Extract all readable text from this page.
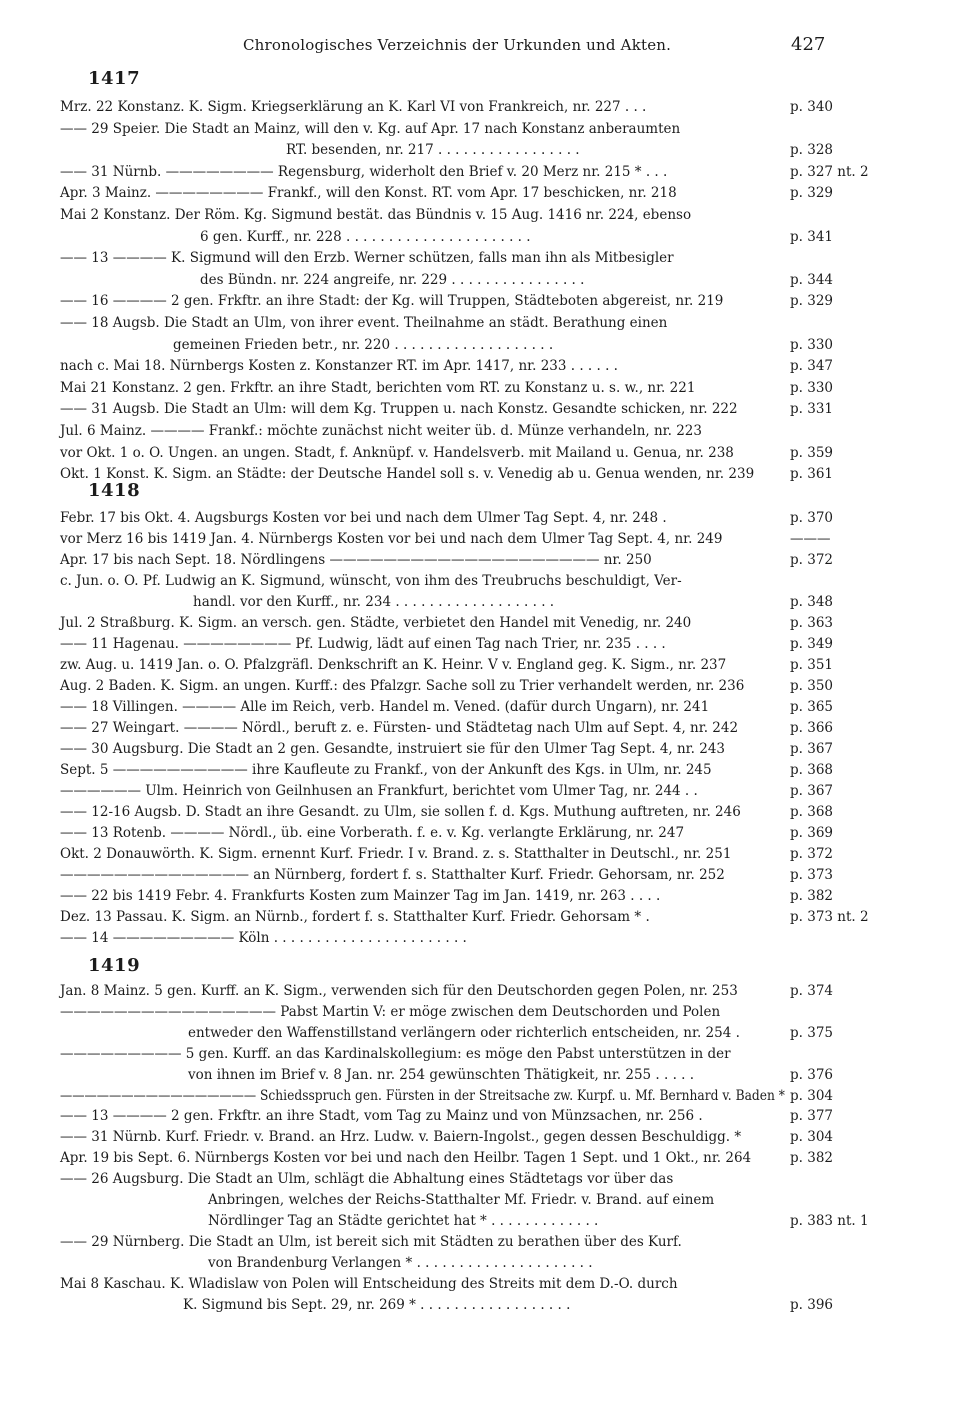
Chronologisches Verzeichnis der Urkunden und Akten.	427
1417
Mrz. 22 Konstanz. K. Sigm. Kriegserklärung an K. Karl VI von Frankreich, nr. 227 . . .	p. 340
—— 29 Speier. Die Stadt an Mainz, will den v. Kg. auf Apr. 17 nach Konstanz anberaumten
RT. besenden, nr. 217 . . . . . . . . . . . . . . . . .	p. 328
—— 31 Nürnb. ———————— Regensburg, widerholt den Brief v. 20 Merz nr. 215 * . . .	p. 327 nt. 2
Apr. 3 Mainz. ———————— Frankf., will den Konst. RT. vom Apr. 17 beschicken, nr. 218	p. 329
Mai 2 Konstanz. Der Röm. Kg. Sigmund bestät. das Bündnis v. 15 Aug. 1416 nr. 224, ebenso
6 gen. Kurff., nr. 228 . . . . . . . . . . . . . . . . . . . . . .	p. 341
—— 13 ———— K. Sigmund will den Erzb. Werner schützen, falls man ihn als Mitbesigler
des Bündn. nr. 224 angreife, nr. 229 . . . . . . . . . . . . . . . .	p. 344
—— 16 ———— 2 gen. Frkftr. an ihre Stadt: der Kg. will Truppen, Städteboten abgereist, nr. 219	p. 329
—— 18 Augsb. Die Stadt an Ulm, von ihrer event. Theilnahme an städt. Berathung einen
gemeinen Frieden betr., nr. 220 . . . . . . . . . . . . . . . . . . .	p. 330
nach c. Mai 18. Nürnbergs Kosten z. Konstanzer RT. im Apr. 1417, nr. 233 . . . . . .	p. 347
Mai 21 Konstanz. 2 gen. Frkftr. an ihre Stadt, berichten vom RT. zu Konstanz u. s. w., nr. 221	p. 330
—— 31 Augsb. Die Stadt an Ulm: will dem Kg. Truppen u. nach Konstz. Gesandte schicken, nr. 222	p. 331
Jul. 6 Mainz. ———— Frankf.: möchte zunächst nicht weiter üb. d. Münze verhandeln, nr. 223
vor Okt. 1 o. O. Ungen. an ungen. Stadt, f. Anknüpf. v. Handelsverb. mit Mailand u. Genua, nr. 238	p. 359
Okt. 1 Konst. K. Sigm. an Städte: der Deutsche Handel soll s. v. Venedig ab u. Genua wenden, nr. 239	p. 361
1418
Febr. 17 bis Okt. 4. Augsburgs Kosten vor bei und nach dem Ulmer Tag Sept. 4, nr. 248 .	p. 370
vor Merz 16 bis 1419 Jan. 4. Nürnbergs Kosten vor bei und nach dem Ulmer Tag Sept. 4, nr. 249	———
Apr. 17 bis nach Sept. 18. Nördlingens ———————————————————— nr. 250	p. 372
c. Jun. o. O. Pf. Ludwig an K. Sigmund, wünscht, von ihm des Treubruchs beschuldigt, Ver-
handl. vor den Kurff., nr. 234 . . . . . . . . . . . . . . . . . . .	p. 348
Jul. 2 Straßburg. K. Sigm. an versch. gen. Städte, verbietet den Handel mit Venedig, nr. 240	p. 363
—— 11 Hagenau. ———————— Pf. Ludwig, lädt auf einen Tag nach Trier, nr. 235 . . . .	p. 349
zw. Aug. u. 1419 Jan. o. O. Pfalzgräfl. Denkschrift an K. Heinr. V v. England geg. K. Sigm., nr. 237	p. 351
Aug. 2 Baden. K. Sigm. an ungen. Kurff.: des Pfalzgr. Sache soll zu Trier verhandelt werden, nr. 236	p. 350
—— 18 Villingen. ———— Alle im Reich, verb. Handel m. Vened. (dafür durch Ungarn), nr. 241	p. 365
—— 27 Weingart. ———— Nördl., beruft z. e. Fürsten- und Städtetag nach Ulm auf Sept. 4, nr. 242	p. 366
—— 30 Augsburg. Die Stadt an 2 gen. Gesandte, instruiert sie für den Ulmer Tag Sept. 4, nr. 243	p. 367
Sept. 5 —————————— ihre Kaufleute zu Frankf., von der Ankunft des Kgs. in Ulm, nr. 245	p. 368
—————— Ulm. Heinrich von Geilnhusen an Frankfurt, berichtet vom Ulmer Tag, nr. 244 . .	p. 367
—— 12-16 Augsb. D. Stadt an ihre Gesandt. zu Ulm, sie sollen f. d. Kgs. Muthung auftreten, nr. 246	p. 368
—— 13 Rotenb. ———— Nördl., üb. eine Vorberath. f. e. v. Kg. verlangte Erklärung, nr. 247	p. 369
Okt. 2 Donauwörth. K. Sigm. ernennt Kurf. Friedr. I v. Brand. z. s. Statthalter in Deutschl., nr. 251	p. 372
—————————————— an Nürnberg, fordert f. s. Statthalter Kurf. Friedr. Gehorsam, nr. 252	p. 373
—— 22 bis 1419 Febr. 4. Frankfurts Kosten zum Mainzer Tag im Jan. 1419, nr. 263 . . . .	p. 382
Dez. 13 Passau. K. Sigm. an Nürnb., fordert f. s. Statthalter Kurf. Friedr. Gehorsam * .	p. 373 nt. 2
—— 14 ————————— Köln . . . . . . . . . . . . . . . . . . . . . . .
1419
Jan. 8 Mainz. 5 gen. Kurff. an K. Sigm., verwenden sich für den Deutschorden gegen Polen, nr. 253	p. 374
———————————————— Pabst Martin V: er möge zwischen dem Deutschorden und Polen
entweder den Waffenstillstand verlängern oder richterlich entscheiden, nr. 254 .	p. 375
————————— 5 gen. Kurff. an das Kardinalskollegium: es möge den Pabst unterstützen in der
von ihnen im Brief v. 8 Jan. nr. 254 gewünschten Thätigkeit, nr. 255 . . . . .	p. 376
———————————————— Schiedsspruch gen. Fürsten in der Streitsache zw. Kurpf. u. Mf. Bernhard v. Baden * p. 304
—— 13 ———— 2 gen. Frkftr. an ihre Stadt, vom Tag zu Mainz und von Münzsachen, nr. 256 .	p. 377
—— 31 Nürnb. Kurf. Friedr. v. Brand. an Hrz. Ludw. v. Baiern-Ingolst., gegen dessen Beschuldigg. *	p. 304
Apr. 19 bis Sept. 6. Nürnbergs Kosten vor bei und nach den Heilbr. Tagen 1 Sept. und 1 Okt., nr. 264	p. 382
—— 26 Augsburg. Die Stadt an Ulm, schlägt die Abhaltung eines Städtetags vor über das
Anbringen, welches der Reichs-Statthalter Mf. Friedr. v. Brand. auf einem
Nördlinger Tag an Städte gerichtet hat * . . . . . . . . . . . . .	p. 383 nt. 1
—— 29 Nürnberg. Die Stadt an Ulm, ist bereit sich mit Städten zu berathen über des Kurf.
von Brandenburg Verlangen * . . . . . . . . . . . . . . . . . . . . .
Mai 8 Kaschau. K. Wladislaw von Polen will Entscheidung des Streits mit dem D.-O. durch
K. Sigmund bis Sept. 29, nr. 269 * . . . . . . . . . . . . . . . . . .	p. 396
